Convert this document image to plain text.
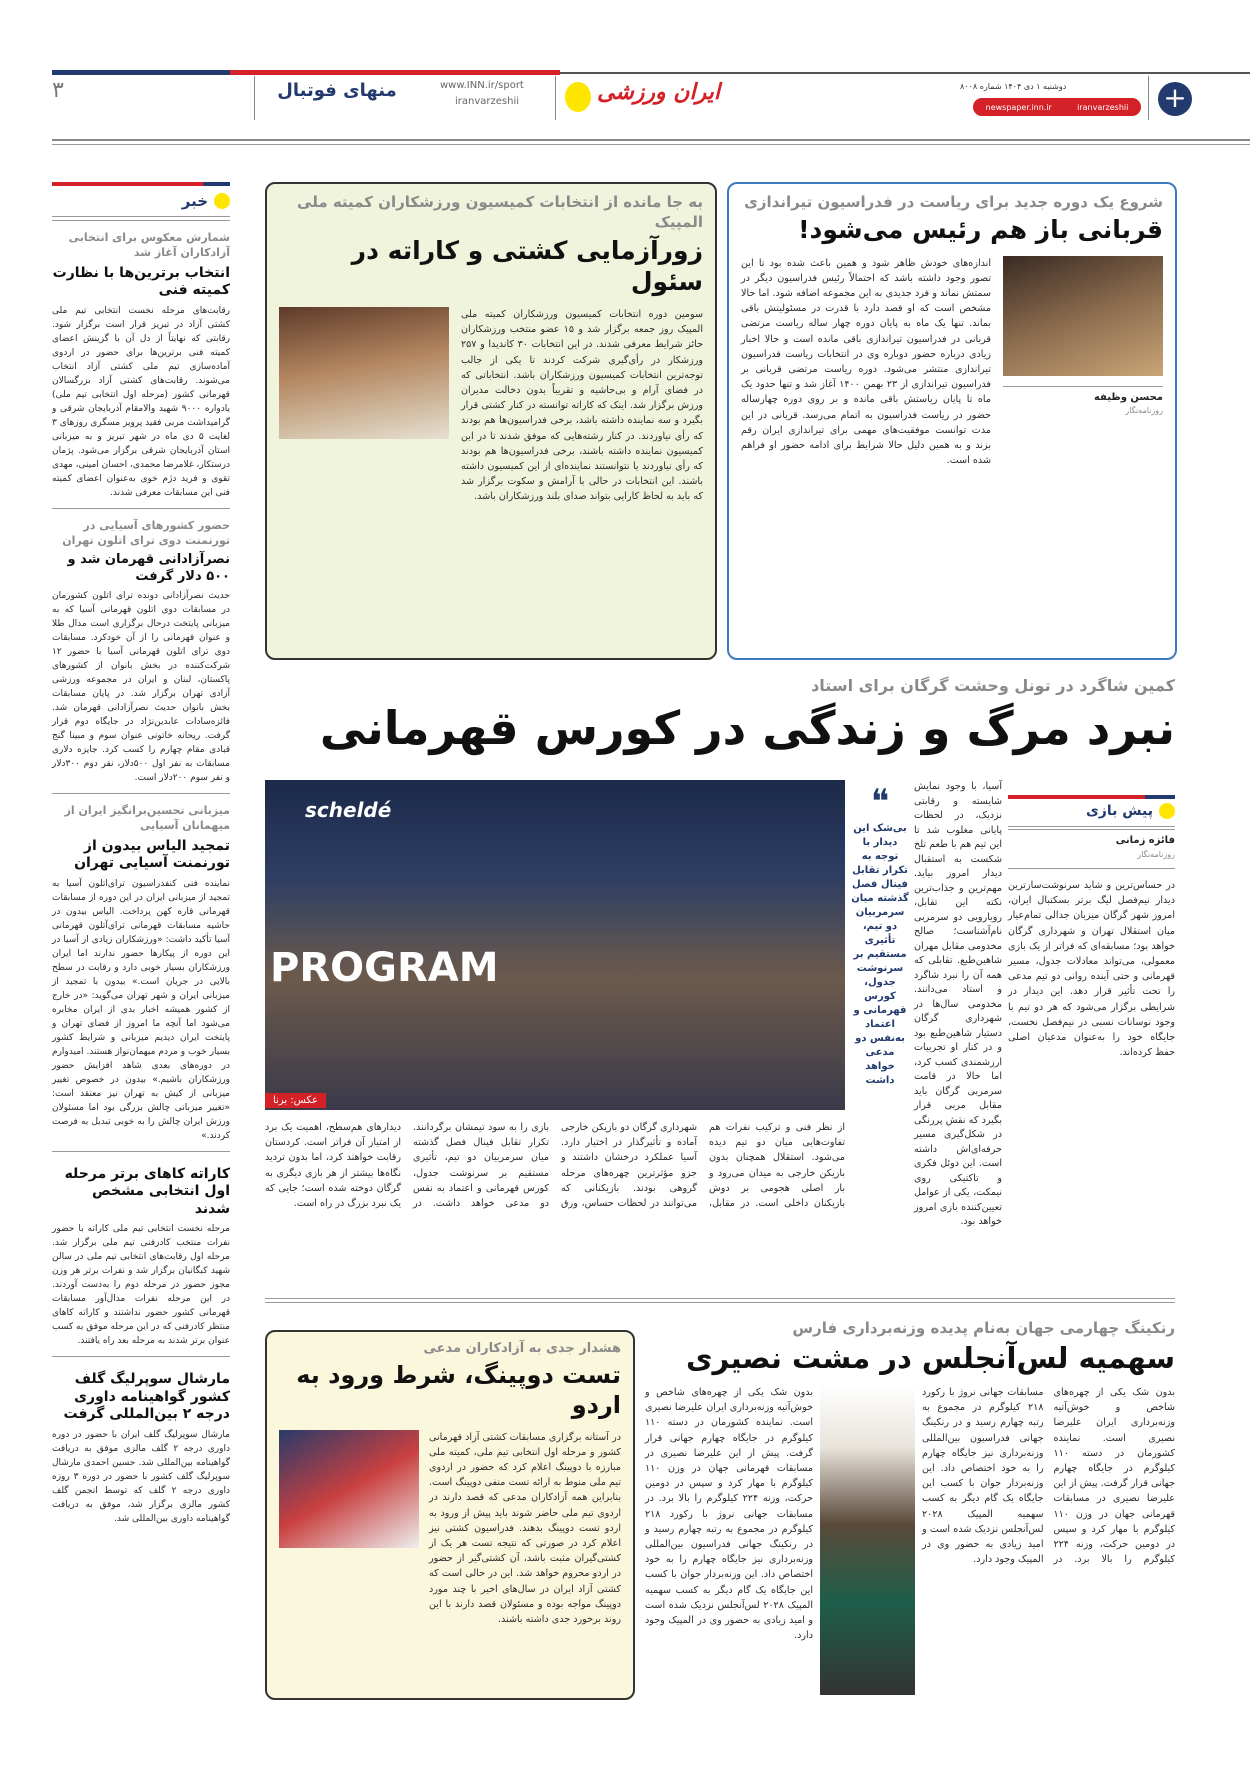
۳	منهای فوتبال	www.INN.ir/sport
iranvarzeshii	ایران ورزشی	دوشنبه ۱ دی ۱۴۰۴ شماره ۸۰۰۸
newspaper.inn.ir	iranvarzeshii +
خبر
شمارش معکوس برای انتخابی آزادکاران آغاز شد
انتخاب برترین‌ها با نظارت کمیته فنی
رقابت‌های مرحله نخست انتخابی تیم ملی کشتی آزاد در تبریز قرار است برگزار شود. رقابتی که نهایتاً از دل آن با گزینش اعضای کمیته فنی برترین‌ها برای حضور در اردوی آماده‌سازی تیم ملی کشتی آزاد انتخاب می‌شوند. رقابت‌های کشتی آزاد بزرگسالان قهرمانی کشور (مرحله اول انتخابی تیم ملی) یادواره ۹۰۰۰ شهید والامقام آذربایجان شرقی و گرامیداشت مربی فقید پرویز مسگری روزهای ۳ لغایت ۵ دی ماه در شهر تبریز و به میزبانی استان آذربایجان شرقی برگزار می‌شود. پژمان درستکار، غلامرضا محمدی، احسان امینی، مهدی تقوی و فرید دژم خوی به‌عنوان اعضای کمیته فنی این مسابقات معرفی شدند.
حضور کشورهای آسیایی در تورنمنت دوی ترای اتلون تهران
نصرآزادانی قهرمان شد و ۵۰۰ دلار گرفت
حدیث نصرآزادانی دونده ترای اتلون کشورمان در مسابقات دوی اتلون قهرمانی آسیا که به میزبانی پایتخت درحال برگزاری است مدال طلا و عنوان قهرمانی را از آن خودکرد. مسابقات دوی ترای اتلون قهرمانی آسیا با حضور ۱۲ شرکت‌کننده در بخش بانوان از کشورهای پاکستان، لبنان و ایران در مجموعه ورزشی آزادی تهران برگزار شد. در پایان مسابقات بخش بانوان حدیث نصرآزادانی قهرمان شد. فائزه‌سادات عابدین‌نژاد در جایگاه دوم قرار گرفت. ریحانه خاتونی عنوان سوم و مبینا گنج قبادی مقام چهارم را کسب کرد. جایزه دلاری مسابقات به نفر اول ۵۰۰دلار، نفر دوم ۳۰۰دلار و نفر سوم ۲۰۰دلار است.
میزبانی تحسین‌برانگیز ایران از میهمانان آسیایی
تمجید الیاس بیدون از تورنمنت آسیایی تهران
نماینده فنی کنفدراسیون ترای‌اتلون آسیا به تمجید از میزبانی ایران در این دوره از مسابقات قهرمانی قاره کهن پرداخت. الیاس بیدون در حاشیه مسابقات قهرمانی ترای‌آتلون قهرمانی آسیا تأکید داشت: «ورزشکاران زیادی از آسیا در این دوره از پیکارها حضور ندارند اما ایران ورزشکاران بسیار خوبی دارد و رقابت در سطح بالایی در جریان است.» بیدون با تمجید از میزبانی ایران و شهر تهران می‌گوید: «در خارج از کشور همیشه اخبار بدی از ایران مخابره می‌شود اما آنچه ما امروز از فضای تهران و پایتخت ایران دیدیم میزبانی و شرایط کشور بسیار خوب و مردم میهمان‌نواز هستند. امیدوارم در دوره‌های بعدی شاهد افزایش حضور ورزشکاران باشیم.» بیدون در خصوص تغییر میزبانی از کیش به تهران نیز معتقد است: «تغییر میزبانی چالش بزرگی بود اما مسئولان ورزش ایران چالش را به خوبی تبدیل به فرصت کردند.»
کاراته کاهای برتر مرحله اول انتخابی مشخص شدند
مرحله نخست انتخابی تیم ملی کاراته با حضور نفرات منتخب کادرفنی تیم ملی برگزار شد. مرحله اول رقابت‌های انتخابی تیم ملی در سالن شهید کبگانیان برگزار شد و نفرات برتر هر وزن مجوز حضور در مرحله دوم را به‌دست آوردند. در این مرحله نفرات مدال‌آور مسابقات قهرمانی کشور حضور نداشتند و کاراته کاهای منتظر کادرفنی که در این مرحله موفق به کسب عنوان برتر شدند به مرحله بعد راه یافتند.
مارشال سوپرلیگ گلف کشور گواهینامه داوری درجه ۲ بین‌المللی گرفت
مارشال سوپرلیگ گلف ایران با حضور در دوره داوری درجه ۲ گلف مالزی موفق به دریافت گواهینامه بین‌المللی شد. حسین احمدی مارشال سوپرلیگ گلف کشور با حضور در دوره ۳ روزه داوری درجه ۲ گلف که توسط انجمن گلف کشور مالزی برگزار شد، موفق به دریافت گواهینامه داوری بین‌المللی شد.
شروع یک دوره جدید برای ریاست در فدراسیون تیراندازی
قربانی باز هم رئیس می‌شود!
محسن وظیفه
روزنامه‌نگار
اندازه‌های خودش ظاهر شود و همین باعث شده بود تا این تصور وجود داشته باشد که احتمالاً رئیس فدراسیون دیگر در سمتش نماند و فرد جدیدی به این مجموعه اضافه شود. اما حالا مشخص است که او قصد دارد با قدرت در مسئولیتش باقی بماند. تنها یک ماه به پایان دوره چهار ساله ریاست مرتضی قربانی در فدراسیون تیراندازی باقی مانده است و حالا اخبار زیادی درباره حضور دوباره وی در انتخابات ریاست فدراسیون تیراندازی منتشر می‌شود. دوره ریاست مرتضی قربانی بر فدراسیون تیراندازی از ۲۳ بهمن ۱۴۰۰ آغاز شد و تنها حدود یک ماه تا پایان ریاستش باقی مانده و بر روی دوره چهارساله حضور در ریاست فدراسیون به اتمام می‌رسد. قربانی در این مدت توانست موفقیت‌های مهمی برای تیراندازی ایران رقم بزند و به همین دلیل حالا شرایط برای ادامه حضور او فراهم شده است.
به جا مانده از انتخابات کمیسیون ورزشکاران کمیته ملی المپیک
زورآزمایی کشتی و کاراته در سئول
سومین دوره انتخابات کمیسیون ورزشکاران کمیته ملی المپیک روز جمعه برگزار شد و ۱۵ عضو منتخب ورزشکاران حائز شرایط معرفی شدند. در این انتخابات ۳۰ کاندیدا و ۲۵۷ ورزشکار در رأی‌گیری شرکت کردند تا یکی از جالب توجه‌ترین انتخابات کمیسیون ورزشکاران باشد. انتخاباتی که در فضای آرام و بی‌حاشیه و تقریباً بدون دخالت مدیران ورزش برگزار شد. اینک که کاراته توانسته در کنار کشتی قرار بگیرد و سه نماینده داشته باشد، برخی فدراسیون‌ها هم بودند که رأی نیاوردند. در کنار رشته‌هایی که موفق شدند تا در این کمیسیون نماینده داشته باشند، برخی فدراسیون‌ها هم بودند که رأی نیاوردند یا نتوانستند نماینده‌ای از این کمیسیون داشته باشند. این انتخابات در حالی با آرامش و سکوت برگزار شد که باید به لحاظ کارایی بتواند صدای بلند ورزشکاران باشد.
کمین شاگرد در تونل وحشت گرگان برای استاد
نبرد مرگ و زندگی در کورس قهرمانی
scheldé
PROGRAM
عکس: برنا
❝
بی‌شک این دیدار با توجه به تکرار تقابل فینال فصل گذشته میان سرمربیان دو تیم، تأثیری مستقیم بر سرنوشت جدول، کورس قهرمانی و اعتماد به‌نفس دو مدعی خواهد داشت
آسیا، با وجود نمایش شایسته و رقابتی نزدیک، در لحظات پایانی مغلوب شد تا این تیم هم با طعم تلخ شکست به استقبال دیدار امروز بیاید. مهم‌ترین و جذاب‌ترین نکته این تقابل، رویارویی دو سرمربی نام‌آشناست؛ صالح مخدومی مقابل مهران شاهین‌طبع. تقابلی که همه آن را نبرد شاگرد و استاد می‌دانند. مخدومی سال‌ها در شهرداری گرگان دستیار شاهین‌طبع بود و در کنار او تجربیات ارزشمندی کسب کرد، اما حالا در قامت سرمربی گرگان باید مقابل مربی قرار بگیرد که نقش پررنگی در شکل‌گیری مسیر حرفه‌ای‌اش داشته است. این دوئل فکری و تاکتیکی روی نیمکت، یکی از عوامل تعیین‌کننده بازی امروز خواهد بود.
پیش بازی
فائزه زمانی
روزنامه‌نگار
در حساس‌ترین و شاید سرنوشت‌سازترین دیدار نیم‌فصل لیگ برتر بسکتبال ایران، امروز شهر گرگان میزبان جدالی تمام‌عیار میان استقلال تهران و شهرداری گرگان خواهد بود؛ مسابقه‌ای که فراتر از یک بازی معمولی، می‌تواند معادلات جدول، مسیر قهرمانی و حتی آینده روانی دو تیم مدعی را تحت تأثیر قرار دهد. این دیدار در شرایطی برگزار می‌شود که هر دو تیم با وجود نوسانات نسبی در نیم‌فصل نخست، جایگاه خود را به‌عنوان مدعیان اصلی حفظ کرده‌اند.
از نظر فنی و ترکیب نفرات هم تفاوت‌هایی میان دو تیم دیده می‌شود. استقلال همچنان بدون بازیکن خارجی به میدان می‌رود و بار اصلی هجومی بر دوش بازیکنان داخلی است. در مقابل، شهرداری گرگان دو بازیکن خارجی آماده و تأثیرگذار در اختیار دارد. آسیا عملکرد درخشان داشتند و جزو مؤثرترین چهره‌های مرحله گروهی بودند. بازیکنانی که می‌توانند در لحظات حساس، ورق بازی را به سود تیمشان برگردانند. تکرار تقابل فینال فصل گذشته میان سرمربیان دو تیم، تأثیری مستقیم بر سرنوشت جدول، کورس قهرمانی و اعتماد به نفس دو مدعی خواهد داشت. در دیدارهای هم‌سطح، اهمیت یک برد از امتیاز آن فراتر است. کردستان رقابت خواهند کرد، اما بدون تردید نگاه‌ها بیشتر از هر بازی دیگری به گرگان دوخته شده است؛ جایی که یک نبرد بزرگ در راه است.
رنکینگ چهارمی جهان به‌نام پدیده وزنه‌برداری فارس
سهمیه لس‌آنجلس در مشت نصیری
بدون شک یکی از چهره‌های شاخص و خوش‌آتیه وزنه‌برداری ایران علیرضا نصیری است. نماینده کشورمان در دسته ۱۱۰ کیلوگرم در جایگاه چهارم جهانی قرار گرفت. پیش از این علیرضا نصیری در مسابقات قهرمانی جهان در وزن ۱۱۰ کیلوگرم با مهار کرد و سپس در دومین حرکت، وزنه ۲۲۴ کیلوگرم را بالا برد. در مسابقات جهانی نروژ با رکورد ۲۱۸ کیلوگرم در مجموع به رتبه چهارم رسید و در رنکینگ جهانی فدراسیون بین‌المللی وزنه‌برداری نیز جایگاه چهارم را به خود اختصاص داد. این وزنه‌بردار جوان با کسب این جایگاه یک گام دیگر به کسب سهمیه المپیک ۲۰۲۸ لس‌آنجلس نزدیک شده است و امید زیادی به حضور وی در المپیک وجود دارد.
بدون شک یکی از چهره‌های شاخص و خوش‌آتیه وزنه‌برداری ایران علیرضا نصیری است. نماینده کشورمان در دسته ۱۱۰ کیلوگرم در جایگاه چهارم جهانی قرار گرفت. پیش از این علیرضا نصیری در مسابقات قهرمانی جهان در وزن ۱۱۰ کیلوگرم با مهار کرد و سپس در دومین حرکت، وزنه ۲۲۴ کیلوگرم را بالا برد. در مسابقات جهانی نروژ با رکورد ۲۱۸ کیلوگرم در مجموع به رتبه چهارم رسید و در رنکینگ جهانی فدراسیون بین‌المللی وزنه‌برداری نیز جایگاه چهارم را به خود اختصاص داد. این وزنه‌بردار جوان با کسب این جایگاه یک گام دیگر به کسب سهمیه المپیک ۲۰۲۸ لس‌آنجلس نزدیک شده است و امید زیادی به حضور وی در المپیک وجود دارد.
هشدار جدی به آزادکاران مدعی
تست دوپینگ، شرط ورود به اردو
در آستانه برگزاری مسابقات کشتی آزاد قهرمانی کشور و مرحله اول انتخابی تیم ملی، کمیته ملی مبارزه با دوپینگ اعلام کرد که حضور در اردوی تیم ملی منوط به ارائه تست منفی دوپینگ است. بنابراین همه آزادکاران مدعی که قصد دارند در اردوی تیم ملی حاضر شوند باید پیش از ورود به اردو تست دوپینگ بدهند. فدراسیون کشتی نیز اعلام کرد در صورتی که نتیجه تست هر یک از کشتی‌گیران مثبت باشد، آن کشتی‌گیر از حضور در اردو محروم خواهد شد. این در حالی است که کشتی آزاد ایران در سال‌های اخیر با چند مورد دوپینگ مواجه بوده و مسئولان قصد دارند با این روند برخورد جدی داشته باشند.
